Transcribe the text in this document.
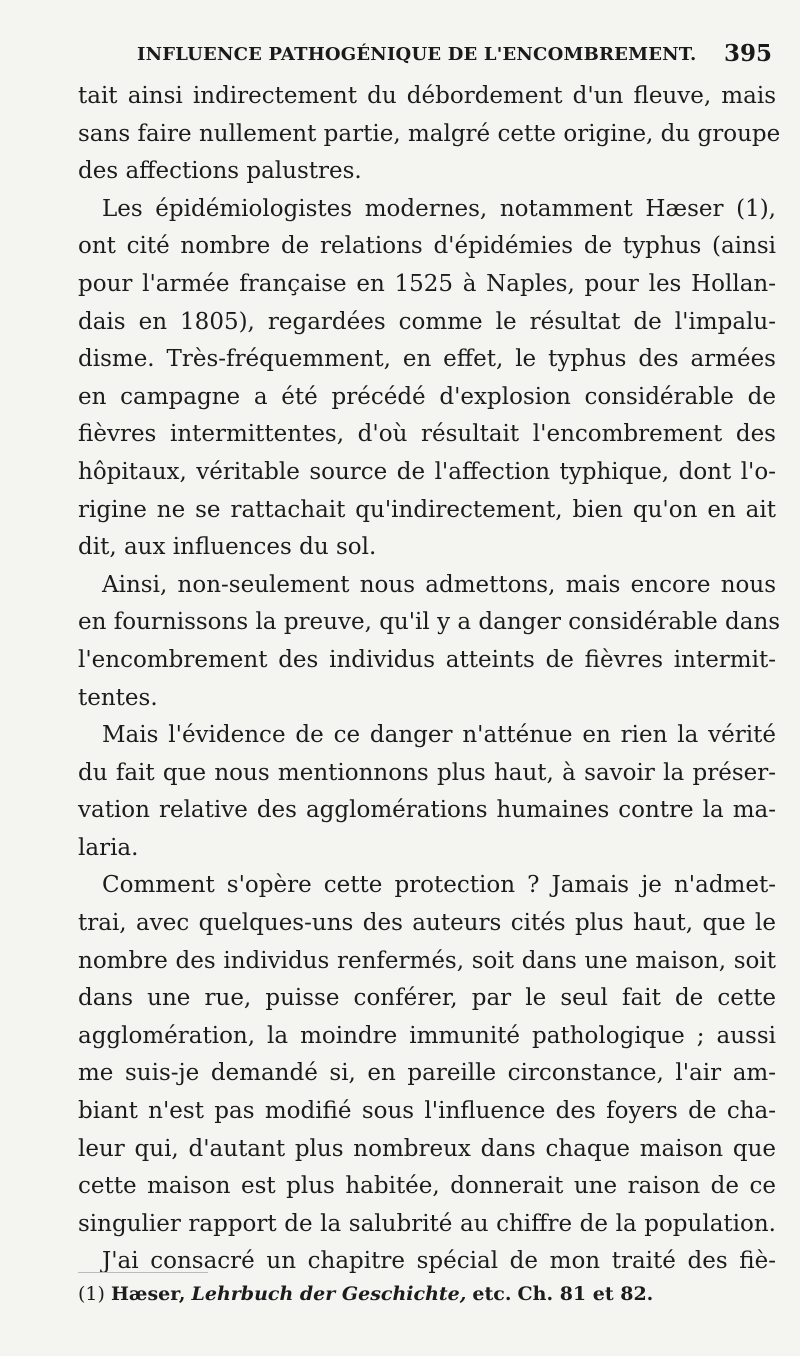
INFLUENCE PATHOGÉNIQUE DE L'ENCOMBREMENT. 395
tait ainsi indirectement du débordement d'un fleuve, mais
sans faire nullement partie, malgré cette origine, du groupe
des affections palustres.
Les épidémiologistes modernes, notamment Hæser (1),
ont cité nombre de relations d'épidémies de typhus (ainsi
pour l'armée française en 1525 à Naples, pour les Hollan-
dais en 1805), regardées comme le résultat de l'impalu-
disme. Très-fréquemment, en effet, le typhus des armées
en campagne a été précédé d'explosion considérable de
fièvres intermittentes, d'où résultait l'encombrement des
hôpitaux, véritable source de l'affection typhique, dont l'o-
rigine ne se rattachait qu'indirectement, bien qu'on en ait
dit, aux influences du sol.
Ainsi, non-seulement nous admettons, mais encore nous
en fournissons la preuve, qu'il y a danger considérable dans
l'encombrement des individus atteints de fièvres intermit-
tentes.
Mais l'évidence de ce danger n'atténue en rien la vérité
du fait que nous mentionnons plus haut, à savoir la préser-
vation relative des agglomérations humaines contre la ma-
laria.
Comment s'opère cette protection ? Jamais je n'admet-
trai, avec quelques-uns des auteurs cités plus haut, que le
nombre des individus renfermés, soit dans une maison, soit
dans une rue, puisse conférer, par le seul fait de cette
agglomération, la moindre immunité pathologique ; aussi
me suis-je demandé si, en pareille circonstance, l'air am-
biant n'est pas modifié sous l'influence des foyers de cha-
leur qui, d'autant plus nombreux dans chaque maison que
cette maison est plus habitée, donnerait une raison de ce
singulier rapport de la salubrité au chiffre de la population.
J'ai consacré un chapitre spécial de mon traité des fiè-
(1) Hæser, Lehrbuch der Geschichte, etc. Ch. 81 et 82.
